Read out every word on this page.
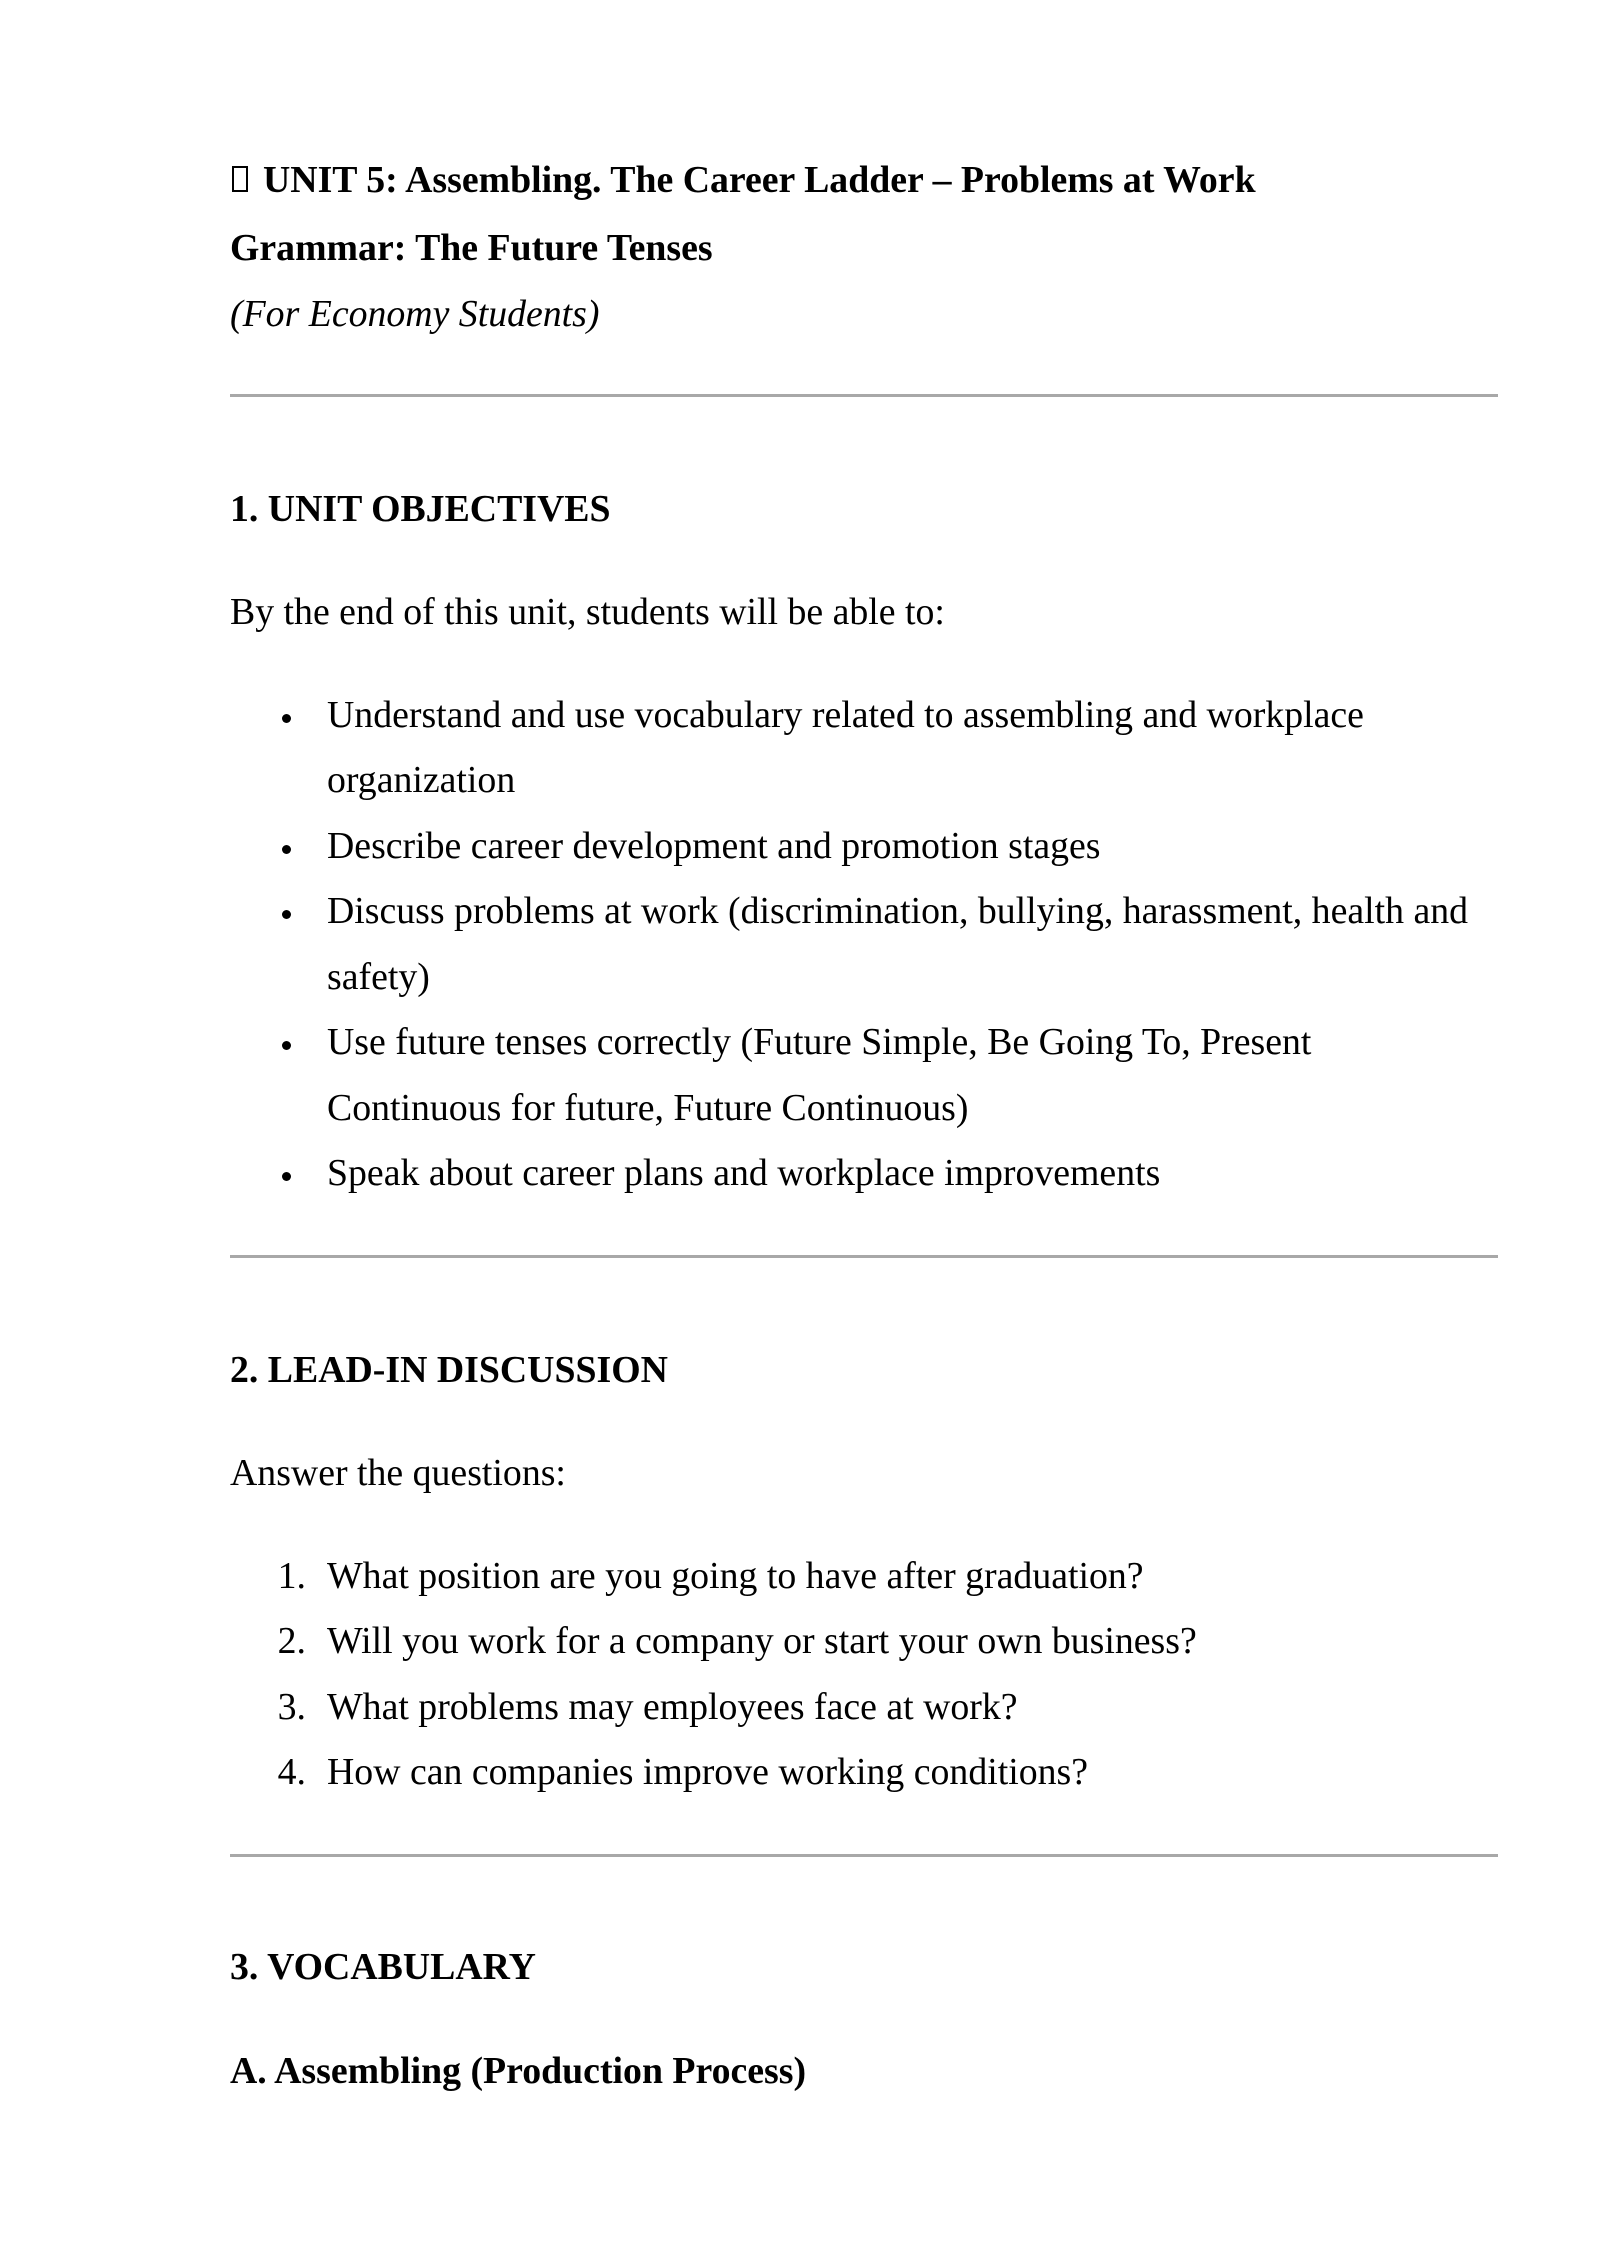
UNIT 5: Assembling. The Career Ladder – Problems at Work
Grammar: The Future Tenses
(For Economy Students)
1. UNIT OBJECTIVES
By the end of this unit, students will be able to:
Understand and use vocabulary related to assembling and workplace organization
Describe career development and promotion stages
Discuss problems at work (discrimination, bullying, harassment, health and safety)
Use future tenses correctly (Future Simple, Be Going To, Present Continuous for future, Future Continuous)
Speak about career plans and workplace improvements
2. LEAD-IN DISCUSSION
Answer the questions:
1. What position are you going to have after graduation?
2. Will you work for a company or start your own business?
3. What problems may employees face at work?
4. How can companies improve working conditions?
3. VOCABULARY
A. Assembling (Production Process)
